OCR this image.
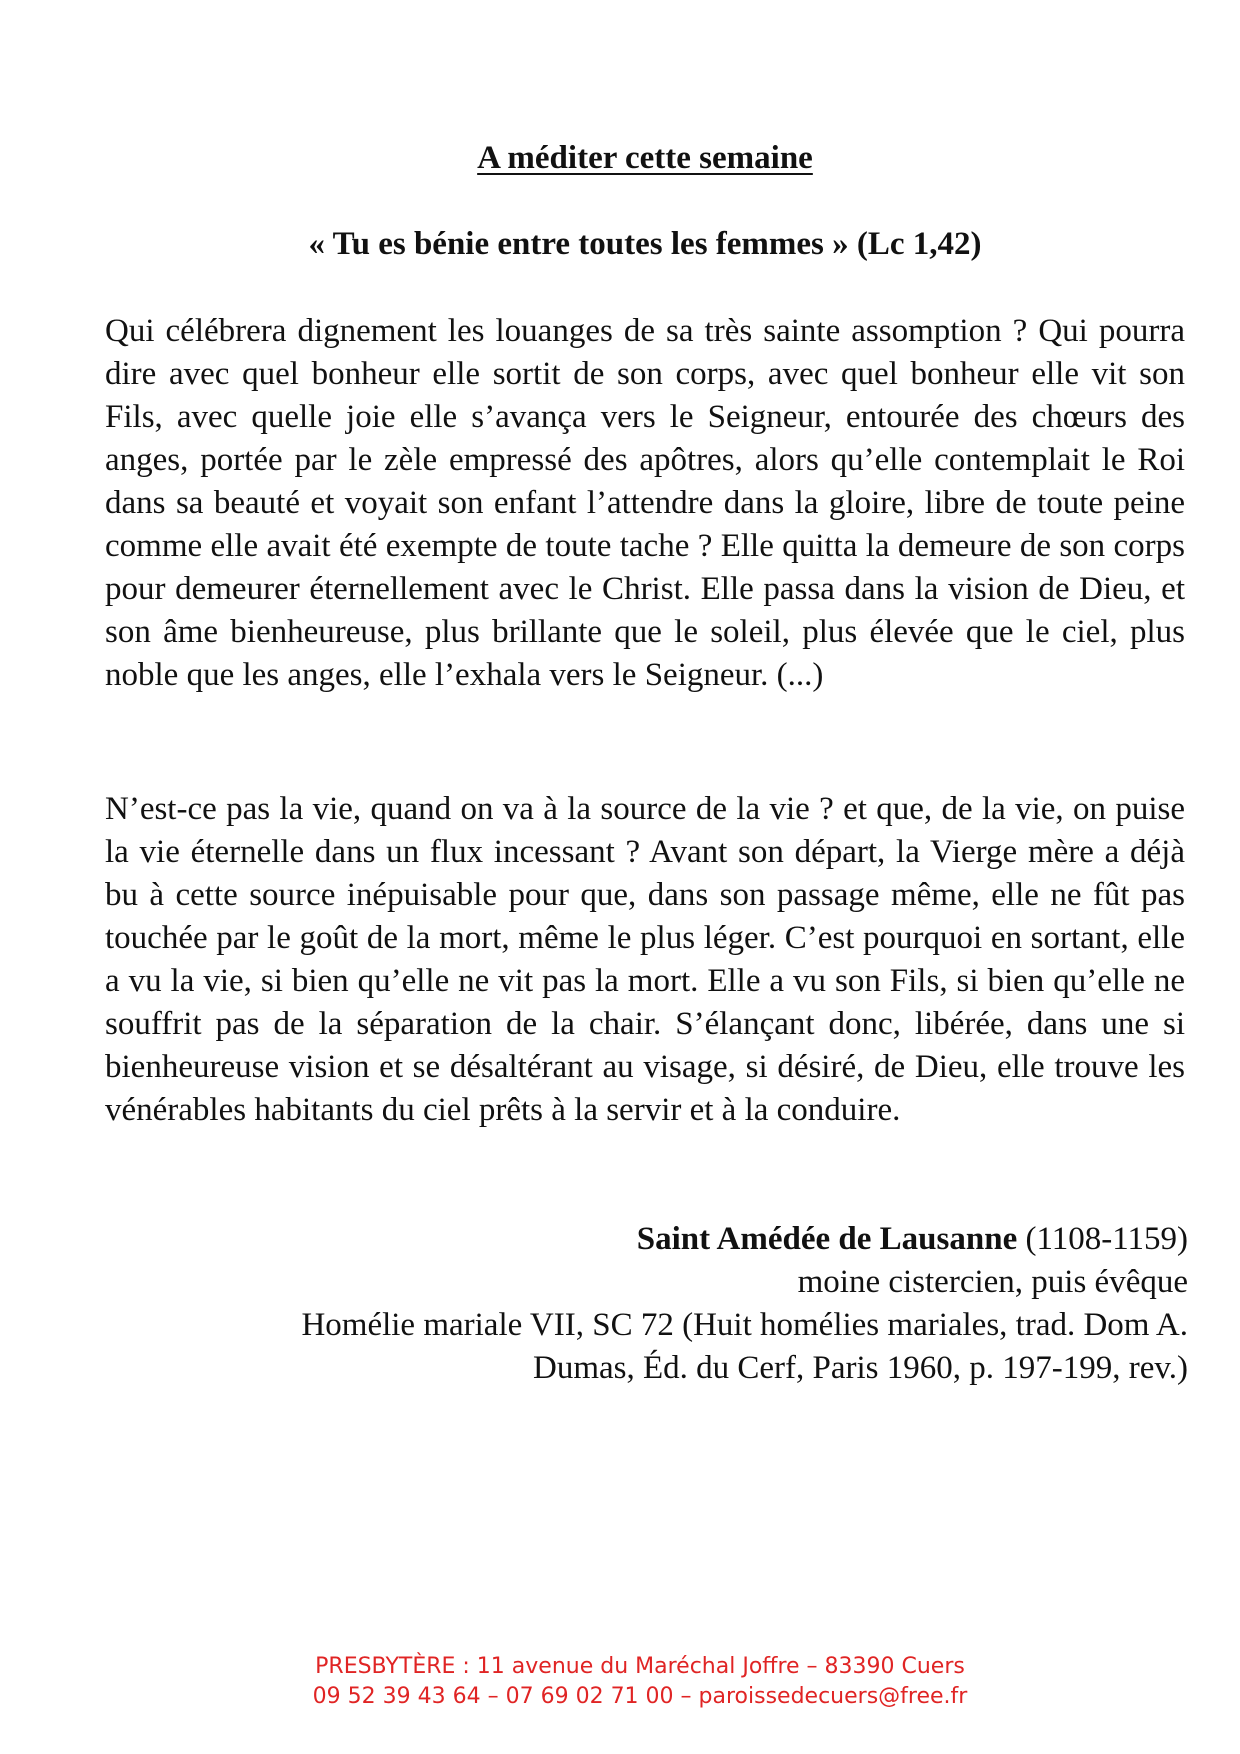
A méditer cette semaine
« Tu es bénie entre toutes les femmes » (Lc 1,42)

Qui célébrera dignement les louanges de sa très sainte assomption ? Qui pourra dire avec quel bonheur elle sortit de son corps, avec quel bonheur elle vit son Fils, avec quelle joie elle s’avança vers le Seigneur, entourée des chœurs des anges, portée par le zèle empressé des apôtres, alors qu’elle contemplait le Roi dans sa beauté et voyait son enfant l’attendre dans la gloire, libre de toute peine comme elle avait été exempte de toute tache ? Elle quitta la demeure de son corps pour demeurer éternellement avec le Christ. Elle passa dans la vision de Dieu, et son âme bienheureuse, plus brillante que le soleil, plus élevée que le ciel, plus noble que les anges, elle l’exhala vers le Seigneur. (...)

N’est-ce pas la vie, quand on va à la source de la vie ? et que, de la vie, on puise la vie éternelle dans un flux incessant ? Avant son départ, la Vierge mère a déjà bu à cette source inépuisable pour que, dans son passage même, elle ne fût pas touchée par le goût de la mort, même le plus léger. C’est pourquoi en sortant, elle a vu la vie, si bien qu’elle ne vit pas la mort. Elle a vu son Fils, si bien qu’elle ne souffrit pas de la séparation de la chair. S’élançant donc, libérée, dans une si bienheureuse vision et se désaltérant au visage, si désiré, de Dieu, elle trouve les vénérables habitants du ciel prêts à la servir et à la conduire.

Saint Amédée de Lausanne (1108-1159)
moine cistercien, puis évêque
Homélie mariale VII, SC 72 (Huit homélies mariales, trad. Dom A.
Dumas, Éd. du Cerf, Paris 1960, p. 197-199, rev.)
PRESBYTÈRE : 11 avenue du Maréchal Joffre – 83390 Cuers
09 52 39 43 64 – 07 69 02 71 00 – paroissedecuers@free.fr
